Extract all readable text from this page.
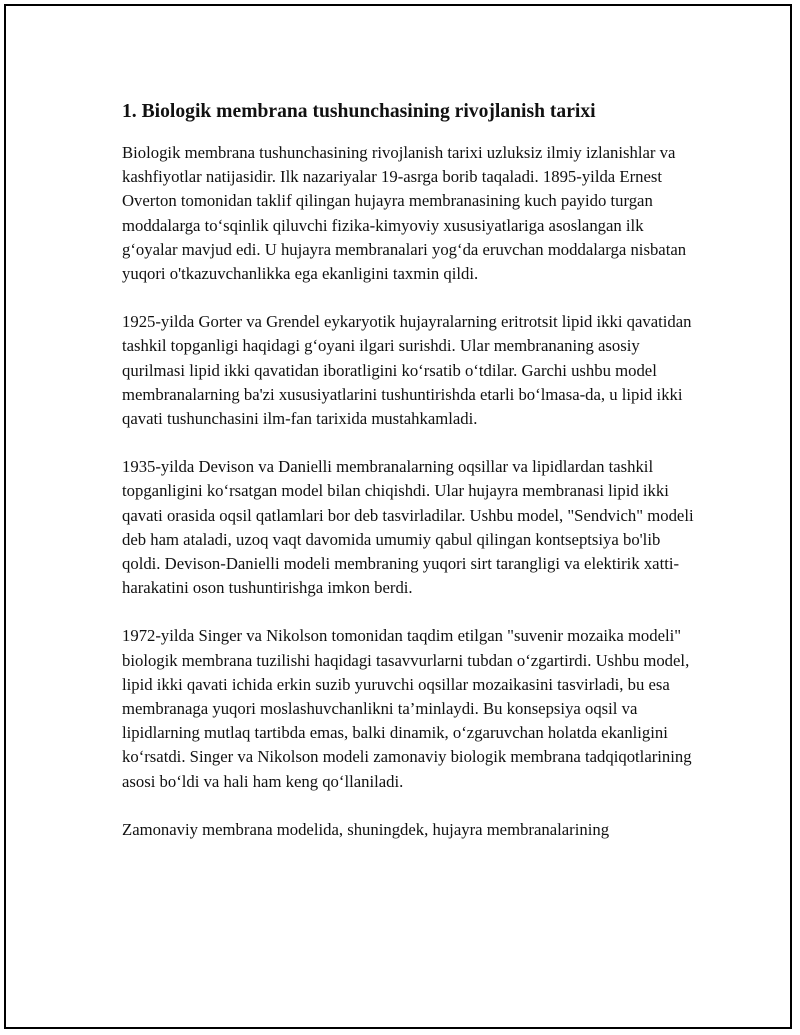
1. Biologik membrana tushunchasining rivojlanish tarixi

Biologik membrana tushunchasining rivojlanish tarixi uzluksiz ilmiy izlanishlar va kashfiyotlar natijasidir. Ilk nazariyalar 19-asrga borib taqaladi. 1895-yilda Ernest Overton tomonidan taklif qilingan hujayra membranasining kuch payido turgan moddalarga to‘sqinlik qiluvchi fizika-kimyoviy xususiyatlariga asoslangan ilk g‘oyalar mavjud edi. U hujayra membranalari yog‘da eruvchan moddalarga nisbatan yuqori o'tkazuvchanlikka ega ekanligini taxmin qildi.

1925-yilda Gorter va Grendel eykaryotik hujayralarning eritrotsit lipid ikki qavatidan tashkil topganligi haqidagi g‘oyani ilgari surishdi. Ular membrananing asosiy qurilmasi lipid ikki qavatidan iboratligini ko‘rsatib o‘tdilar. Garchi ushbu model membranalarning ba'zi xususiyatlarini tushuntirishda etarli bo‘lmasa-da, u lipid ikki qavati tushunchasini ilm-fan tarixida mustahkamladi.

1935-yilda Devison va Danielli membranalarning oqsillar va lipidlardan tashkil topganligini ko‘rsatgan model bilan chiqishdi. Ular hujayra membranasi lipid ikki qavati orasida oqsil qatlamlari bor deb tasvirladilar. Ushbu model, "Sendvich" modeli deb ham ataladi, uzoq vaqt davomida umumiy qabul qilingan kontseptsiya bo'lib qoldi. Devison-Danielli modeli membraning yuqori sirt tarangligi va elektirik xatti-harakatini oson tushuntirishga imkon berdi.

1972-yilda Singer va Nikolson tomonidan taqdim etilgan "suvenir mozaika modeli" biologik membrana tuzilishi haqidagi tasavvurlarni tubdan o‘zgartirdi. Ushbu model, lipid ikki qavati ichida erkin suzib yuruvchi oqsillar mozaikasini tasvirladi, bu esa membranaga yuqori moslashuvchanlikni ta’minlaydi. Bu konsepsiya oqsil va lipidlarning mutlaq tartibda emas, balki dinamik, o‘zgaruvchan holatda ekanligini ko‘rsatdi. Singer va Nikolson modeli zamonaviy biologik membrana tadqiqotlarining asosi bo‘ldi va hali ham keng qo‘llaniladi.

Zamonaviy membrana modelida, shuningdek, hujayra membranalarining
